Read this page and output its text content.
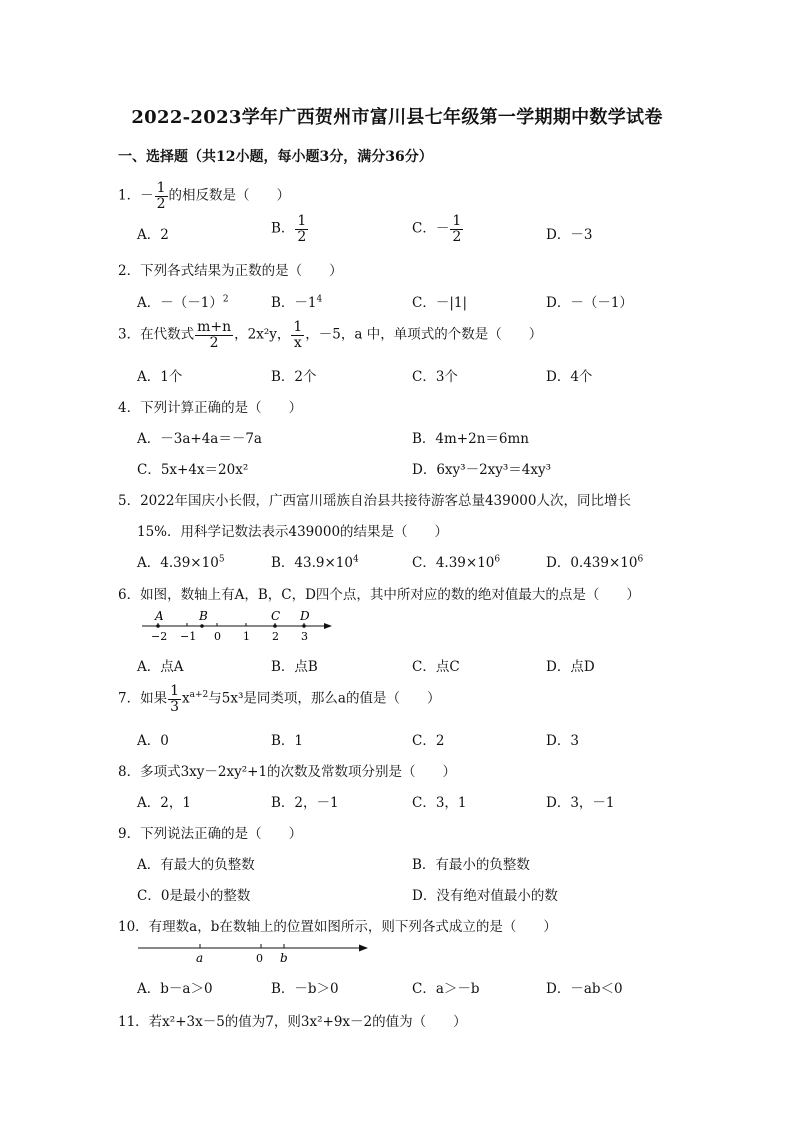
2022-2023学年广西贺州市富川县七年级第一学期期中数学试卷
一、选择题（共12小题，每小题3分，满分36分）
1．－ $\frac{1}{2}$ 的相反数是（　　）
A．2	B． $\frac{1}{2}$	C．－ $\frac{1}{2}$	D．－3
2．下列各式结果为正数的是（　　）
A．$-(-1)^2$	B．$-1^4$	C．－|1|	D．－（－1）
3．在代数式 $\frac{m+n}{2}$ ，2x²y， $\frac{1}{x}$ ，－5，a 中，单项式的个数是（　　）
A．1个	B．2个	C．3个	D．4个
4．下列计算正确的是（　　）
A．－3a+4a＝－7a	B．4m+2n＝6mn
C．5x+4x＝20x²	D．6xy³－2xy³＝4xy³
5．2022年国庆小长假，广西富川瑶族自治县共接待游客总量439000人次，同比增长
15%．用科学记数法表示439000的结果是（　　）
A．$4.39\times 10^5$	B．$43.9\times 10^4$	C．$4.39\times 10^6$	D．$0.439\times 10^6$
6．如图，数轴上有A，B，C，D四个点，其中所对应的数的绝对值最大的点是（　　）
A	B	C D
−2 −1 0 1 2 3
A．点A	B．点B	C．点C	D．点D
7．如果 $\frac{1}{3} x^{a+2}$与5x³是同类项，那么a的值是（　　）
A．0	B．1	C．2	D．3
8．多项式3xy－2xy²+1的次数及常数项分别是（　　）
A．2，1	B．2，－1	C．3，1	D．3，－1
9．下列说法正确的是（　　）
A．有最大的负整数	B．有最小的负整数
C．0是最小的整数	D．没有绝对值最小的数
10．有理数a，b在数轴上的位置如图所示，则下列各式成立的是（　　）
a	0 b
A．b－a＞0	B．－b＞0	C．a＞－b	D．－ab＜0
11．若x²+3x－5的值为7，则3x²+9x－2的值为（　　）
